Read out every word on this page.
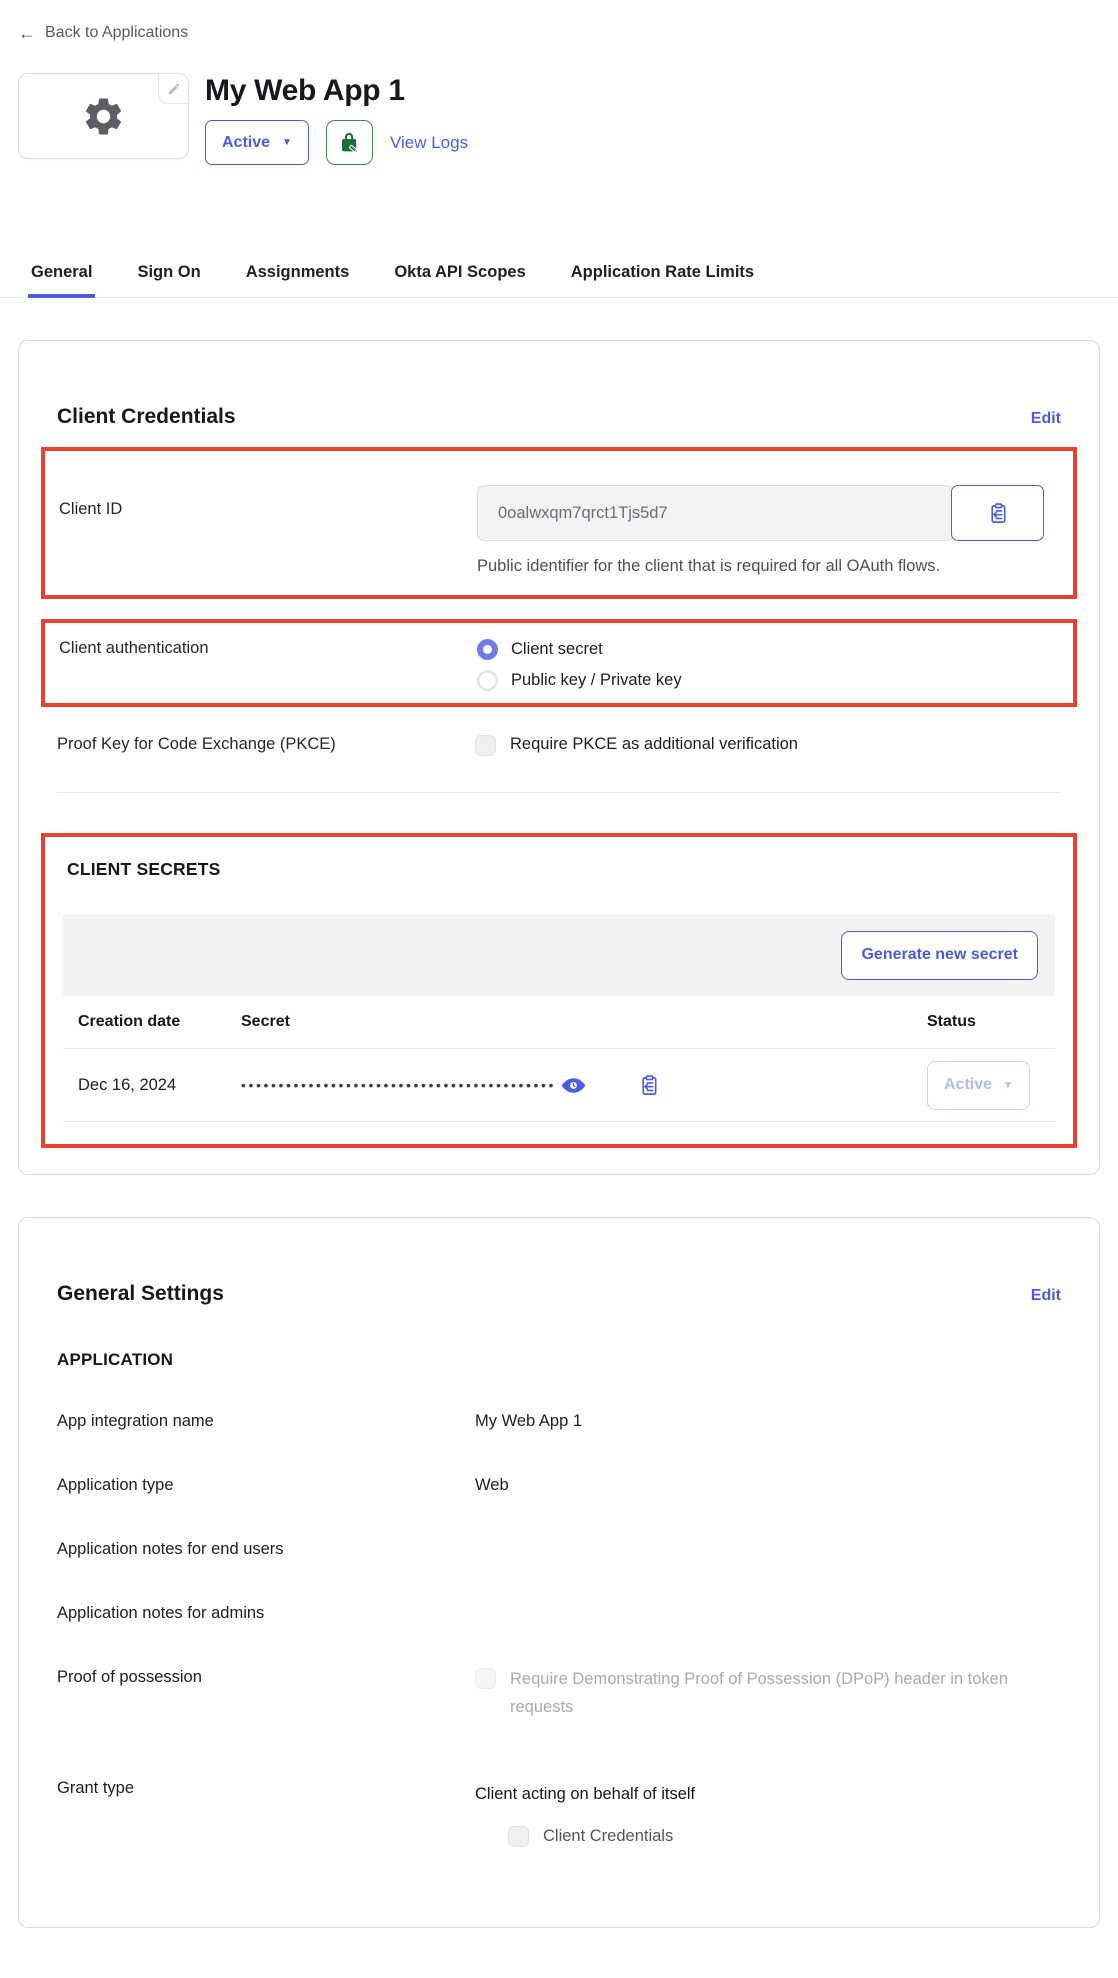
← Back to Applications
My Web App 1
Active ▼	View Logs
General	Sign On	Assignments	Okta API Scopes	Application Rate Limits
Client Credentials	Edit
Client ID
0oalwxqm7qrct1Tjs5d7

Public identifier for the client that is required for all OAuth flows.

Client authentication	Client secret
Public key / Private key
Proof Key for Code Exchange (PKCE)	Require PKCE as additional verification
CLIENT SECRETS
Generate new secret
Creation date	Secret	Status
Dec 16, 2024	••••••••••••••••••••••••••••••••••••••••••	Active ▼
General Settings	Edit
APPLICATION
App integration name	My Web App 1
Application type	Web
Application notes for end users
Application notes for admins
Proof of possession	Require Demonstrating Proof of Possession (DPoP) header in token requests
Grant type	Client acting on behalf of itself
Client Credentials
